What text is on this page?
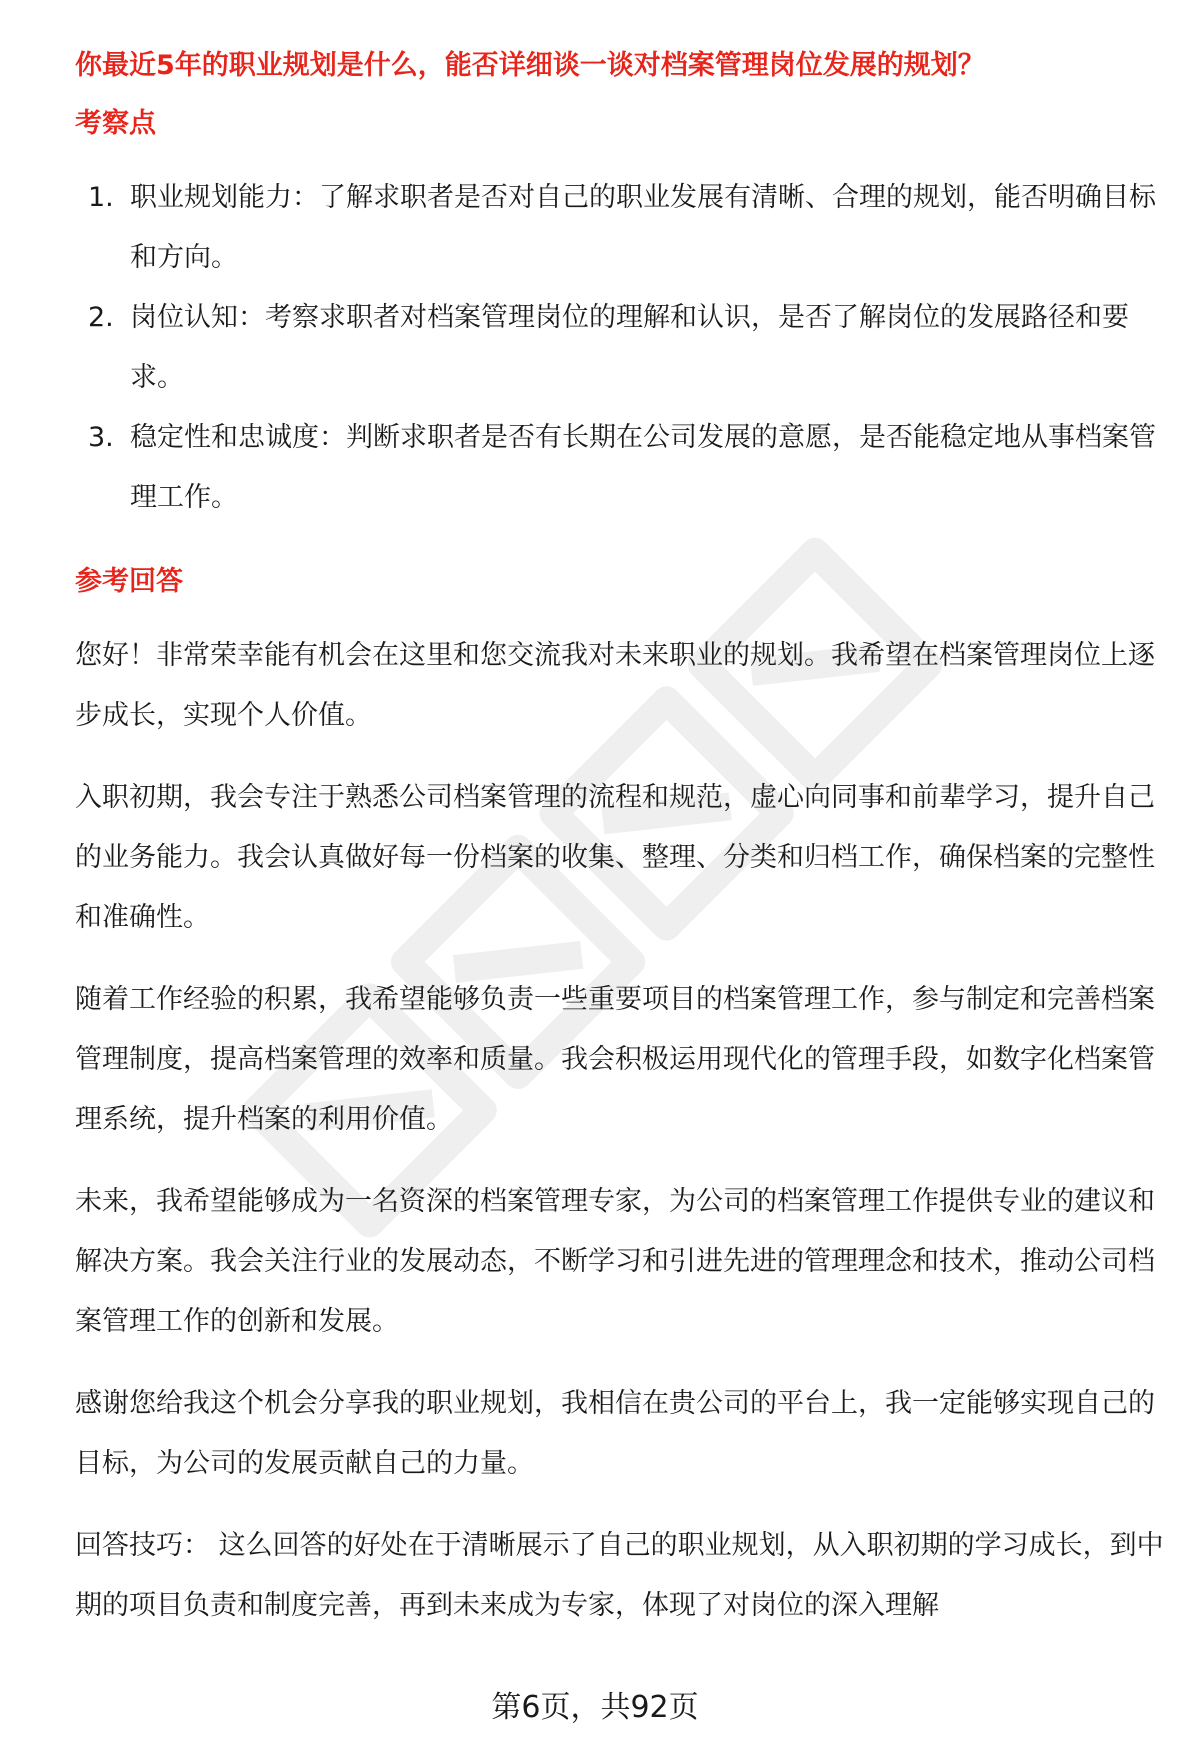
你最近5年的职业规划是什么，能否详细谈一谈对档案管理岗位发展的规划？
考察点
1. 职业规划能力：了解求职者是否对自己的职业发展有清晰、合理的规划，能否明确目标和方向。
2. 岗位认知：考察求职者对档案管理岗位的理解和认识，是否了解岗位的发展路径和要求。
3. 稳定性和忠诚度：判断求职者是否有长期在公司发展的意愿，是否能稳定地从事档案管理工作。
参考回答

您好！非常荣幸能有机会在这里和您交流我对未来职业的规划。我希望在档案管理岗位上逐步成长，实现个人价值。

入职初期，我会专注于熟悉公司档案管理的流程和规范，虚心向同事和前辈学习，提升自己的业务能力。我会认真做好每一份档案的收集、整理、分类和归档工作，确保档案的完整性和准确性。

随着工作经验的积累，我希望能够负责一些重要项目的档案管理工作，参与制定和完善档案管理制度，提高档案管理的效率和质量。我会积极运用现代化的管理手段，如数字化档案管理系统，提升档案的利用价值。

未来，我希望能够成为一名资深的档案管理专家，为公司的档案管理工作提供专业的建议和解决方案。我会关注行业的发展动态，不断学习和引进先进的管理理念和技术，推动公司档案管理工作的创新和发展。

感谢您给我这个机会分享我的职业规划，我相信在贵公司的平台上，我一定能够实现自己的目标，为公司的发展贡献自己的力量。

回答技巧： 这么回答的好处在于清晰展示了自己的职业规划，从入职初期的学习成长，到中期的项目负责和制度完善，再到未来成为专家，体现了对岗位的深入理解

第6页，共92页
